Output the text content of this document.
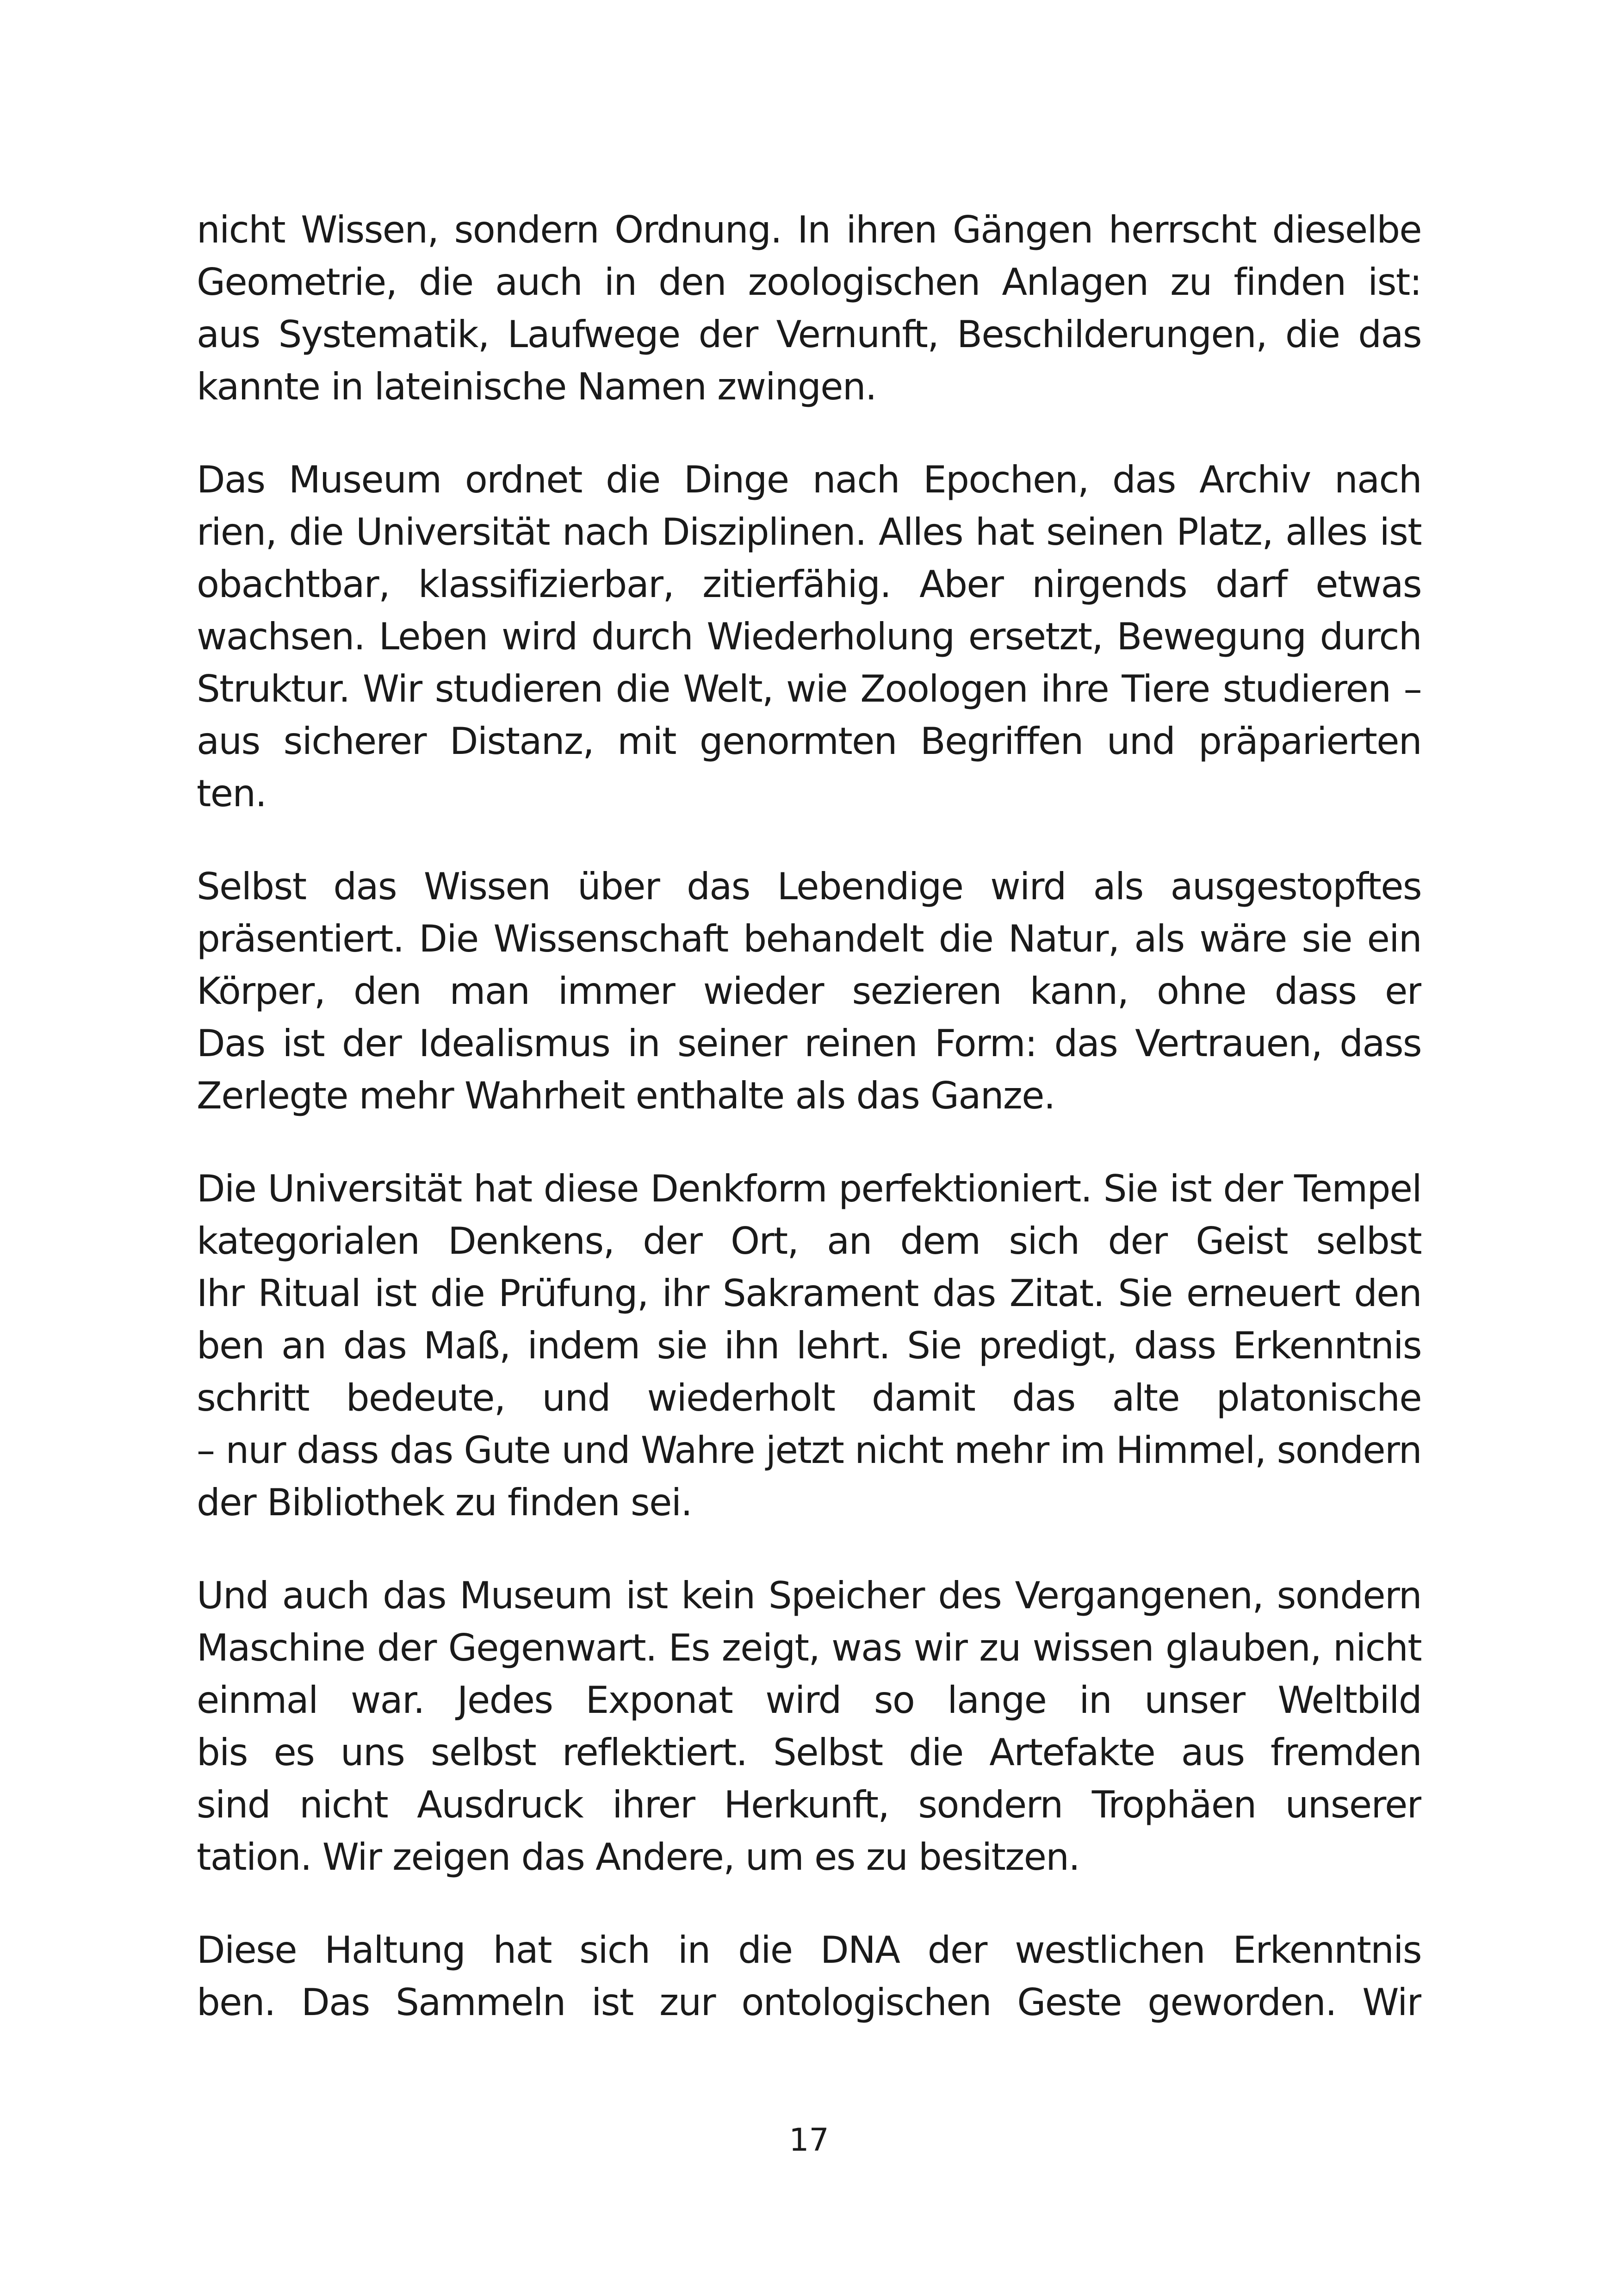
nicht Wissen, sondern Ordnung. In ihren Gängen herrscht dieselbe
Geometrie, die auch in den zoologischen Anlagen zu finden ist:
aus Systematik, Laufwege der Vernunft, Beschilderungen, die das
kannte in lateinische Namen zwingen.
Das Museum ordnet die Dinge nach Epochen, das Archiv nach
rien, die Universität nach Disziplinen. Alles hat seinen Platz, alles ist
obachtbar, klassifizierbar, zitierfähig. Aber nirgends darf etwas
wachsen. Leben wird durch Wiederholung ersetzt, Bewegung durch
Struktur. Wir studieren die Welt, wie Zoologen ihre Tiere studieren –
aus sicherer Distanz, mit genormten Begriffen und präparierten
ten.
Selbst das Wissen über das Lebendige wird als ausgestopftes
präsentiert. Die Wissenschaft behandelt die Natur, als wäre sie ein
Körper, den man immer wieder sezieren kann, ohne dass er
Das ist der Idealismus in seiner reinen Form: das Vertrauen, dass
Zerlegte mehr Wahrheit enthalte als das Ganze.
Die Universität hat diese Denkform perfektioniert. Sie ist der Tempel
kategorialen Denkens, der Ort, an dem sich der Geist selbst
Ihr Ritual ist die Prüfung, ihr Sakrament das Zitat. Sie erneuert den
ben an das Maß, indem sie ihn lehrt. Sie predigt, dass Erkenntnis
schritt bedeute, und wiederholt damit das alte platonische
– nur dass das Gute und Wahre jetzt nicht mehr im Himmel, sondern
der Bibliothek zu finden sei.
Und auch das Museum ist kein Speicher des Vergangenen, sondern
Maschine der Gegenwart. Es zeigt, was wir zu wissen glauben, nicht
einmal war. Jedes Exponat wird so lange in unser Weltbild
bis es uns selbst reflektiert. Selbst die Artefakte aus fremden
sind nicht Ausdruck ihrer Herkunft, sondern Trophäen unserer
tation. Wir zeigen das Andere, um es zu besitzen.
Diese Haltung hat sich in die DNA der westlichen Erkenntnis
ben. Das Sammeln ist zur ontologischen Geste geworden. Wir
17
